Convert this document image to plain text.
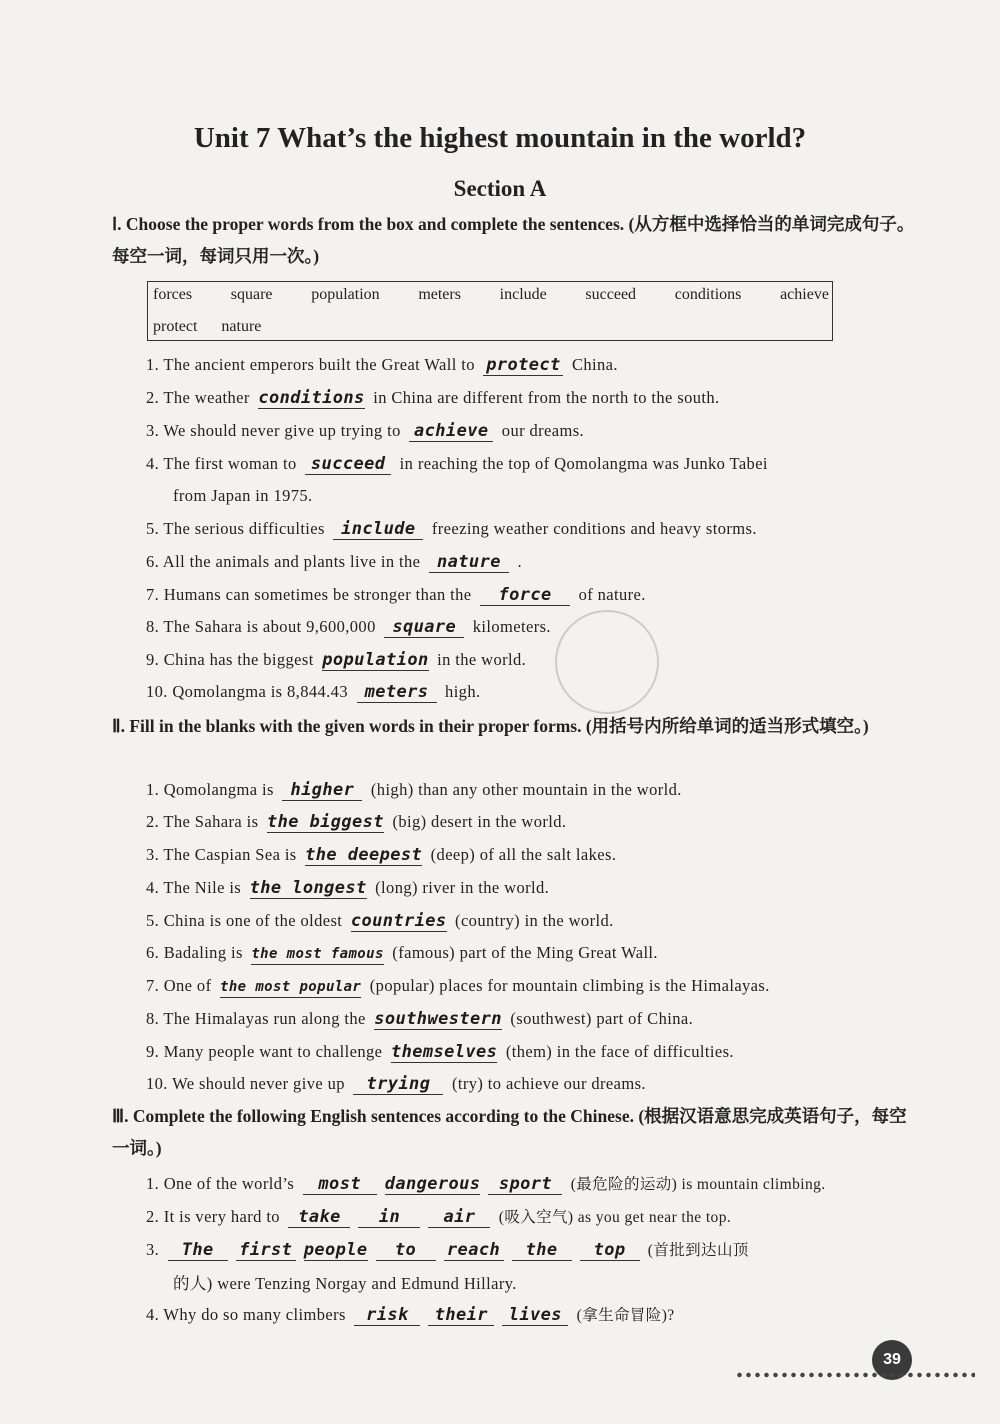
Unit 7 What’s the highest mountain in the world?
Section A
Ⅰ. Choose the proper words from the box and complete the sentences. (从方框中选择恰当的单词完成句子。每空一词，每词只用一次。)
forces square population meters include succeed conditions achieve
protect nature
1. The ancient emperors built the Great Wall to protect China.
2. The weather conditions in China are different from the north to the south.
3. We should never give up trying to achieve our dreams.
4. The first woman to succeed in reaching the top of Qomolangma was Junko Tabei
from Japan in 1975.
5. The serious difficulties include freezing weather conditions and heavy storms.
6. All the animals and plants live in the nature .
7. Humans can sometimes be stronger than the force of nature.
8. The Sahara is about 9,600,000 square kilometers.
9. China has the biggest population in the world.
10. Qomolangma is 8,844.43 meters high.
Ⅱ. Fill in the blanks with the given words in their proper forms. (用括号内所给单词的适当形式填空。)
1. Qomolangma is higher (high) than any other mountain in the world.
2. The Sahara is the biggest (big) desert in the world.
3. The Caspian Sea is the deepest (deep) of all the salt lakes.
4. The Nile is the longest (long) river in the world.
5. China is one of the oldest countries (country) in the world.
6. Badaling is the most famous (famous) part of the Ming Great Wall.
7. One of the most popular (popular) places for mountain climbing is the Himalayas.
8. The Himalayas run along the southwestern (southwest) part of China.
9. Many people want to challenge themselves (them) in the face of difficulties.
10. We should never give up trying (try) to achieve our dreams.
Ⅲ. Complete the following English sentences according to the Chinese. (根据汉语意思完成英语句子，每空一词。)
1. One of the world’s most dangerous sport (最危险的运动) is mountain climbing.
2. It is very hard to take in	air (吸入空气) as you get near the top.
3. The first people to reach the top (首批到达山顶
的人) were Tenzing Norgay and Edmund Hillary.
4. Why do so many climbers risk their lives (拿生命冒险)?
39
